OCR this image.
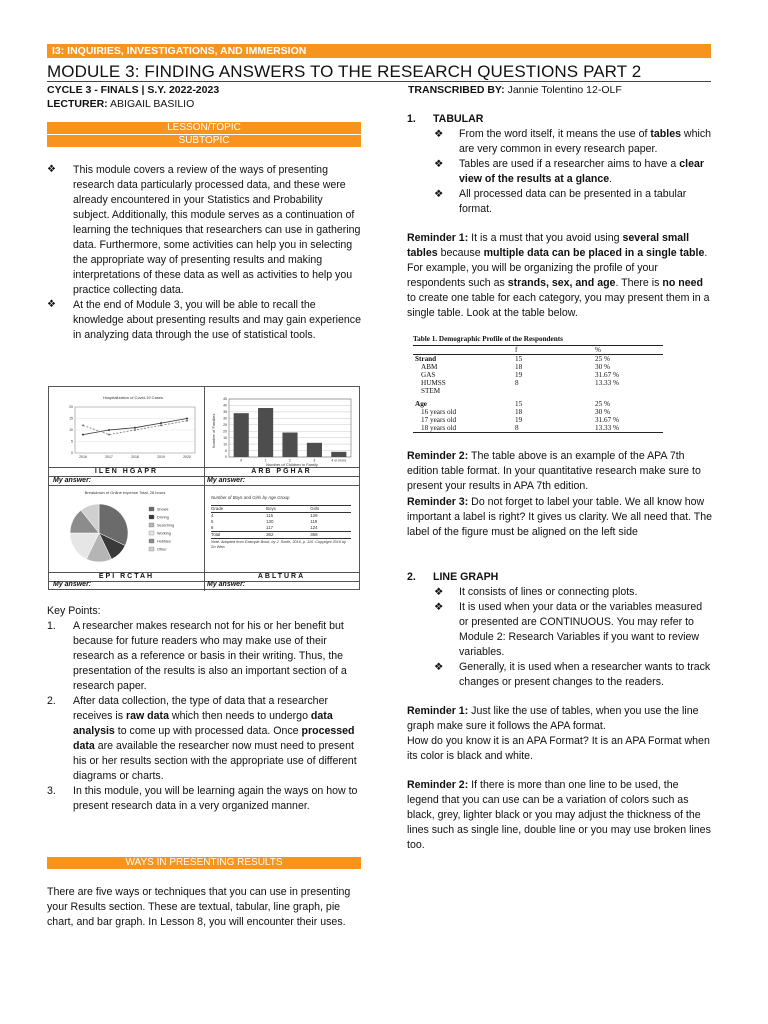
I3: INQUIRIES, INVESTIGATIONS, AND IMMERSION
MODULE 3: FINDING ANSWERS TO THE RESEARCH QUESTIONS PART 2
CYCLE 3 - FINALS | S.Y. 2022-2023
LECTURER: ABIGAIL BASILIO
TRANSCRIBED BY: Jannie Tolentino 12-OLF
LESSON/TOPIC
SUBTOPIC
❖ This module covers a review of the ways of presenting research data particularly processed data, and these were already encountered in your Statistics and Probability subject. Additionally, this module serves as a continuation of learning the techniques that researchers can use in gathering data. Furthermore, some activities can help you in selecting the appropriate way of presenting results and making interpretations of these data as well as activities to help you practice collecting data.

❖ At the end of Module 3, you will be able to recall the knowledge about presenting results and may gain experience in analyzing data through the use of statistical tools.

Hospitalization of Covid-19 Cases
0
5
10
15
20
2016	2017	2018	2019	2020	0
5
10
15
20
25
30
35
40
45
0	1	2	3	4 or more
Number of Children in Family
Number of Families
ILEN HGAPR	ARB PGHAR
My answer:	My answer:
Breakdown of Online expense Total: 28 hours
Shows
Driving
Searching
Working
Hobbies
Other
Number of Boys and Girls by Age Group
Grade	Boys	Girls
4	115	128
5	130	119
6	117	124
Total	362	368
Note. Adapted from Example Book, by J. Smith, 2016, p. 110. Copyright 2016 by Sn Web.
EPI RCTAH	ABLTURA
My answer:	My answer:
Key Points:
1. A researcher makes research not for his or her benefit but because for future readers who may make use of their research as a reference or basis in their writing. Thus, the presentation of the results is also an important section of a research paper.

2. After data collection, the type of data that a researcher receives is raw data which then needs to undergo data analysis to come up with processed data. Once processed data are available the researcher now must need to present his or her results section with the appropriate use of different diagrams or charts.

3. In this module, you will be learning again the ways on how to present research data in a very organized manner.

WAYS IN PRESENTING RESULTS

There are five ways or techniques that you can use in presenting your Results section. These are textual, tabular, line graph, pie chart, and bar graph. In Lesson 8, you will encounter their uses.

1. TABULAR
❖ From the word itself, it means the use of tables which are very common in every research paper.

❖ Tables are used if a researcher aims to have a clear view of the results at a glance.

❖ All processed data can be presented in a tabular format.

Reminder 1: It is a must that you avoid using several small tables because multiple data can be placed in a single table.
For example, you will be organizing the profile of your respondents such as strands, sex, and age. There is no need to create one table for each category, you may present them in a single table. Look at the table below.

Table 1. Demographic Profile of the Respondents
	f	%
Strand	15	25 %
ABM	18	30 %
GAS	19	31.67 %
HUMSS	8	13.33 %
STEM		
Age	15	25 %
16 years old	18	30 %
17 years old	19	31.67 %
18 years old	8	13.33 %

Reminder 2: The table above is an example of the APA 7th edition table format. In your quantitative research make sure to present your results in APA 7th edition.

Reminder 3: Do not forget to label your table. We all know how important a label is right? It gives us clarity. We all need that. The label of the figure must be aligned on the left side

2. LINE GRAPH
❖ It consists of lines or connecting plots.

❖ It is used when your data or the variables measured or presented are CONTINUOUS. You may refer to Module 2: Research Variables if you want to review variables.

❖ Generally, it is used when a researcher wants to track changes or present changes to the readers.

Reminder 1: Just like the use of tables, when you use the line graph make sure it follows the APA format.
How do you know it is an APA Format? It is an APA Format when its color is black and white.

Reminder 2: If there is more than one line to be used, the legend that you can use can be a variation of colors such as black, grey, lighter black or you may adjust the thickness of the lines such as single line, double line or you may use broken lines too.
